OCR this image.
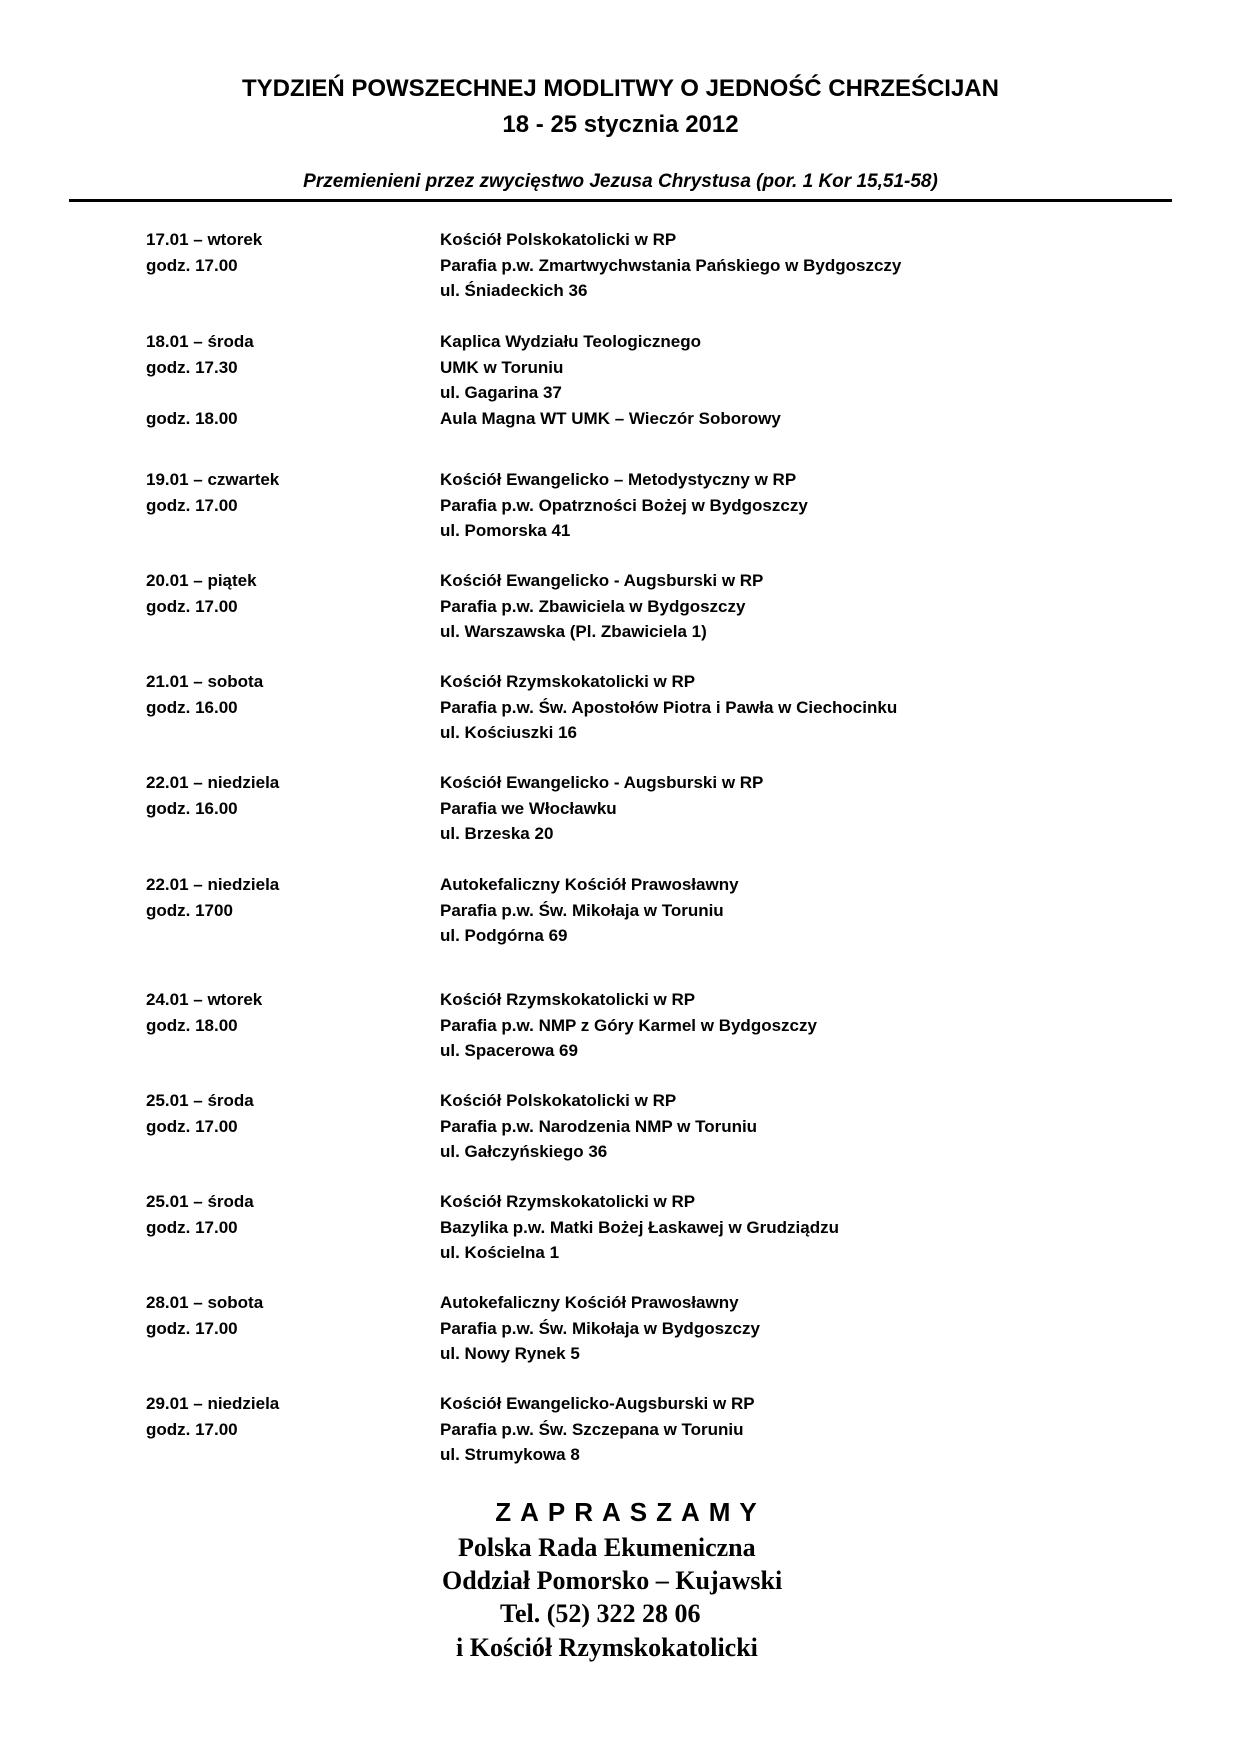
TYDZIEŃ POWSZECHNEJ MODLITWY O JEDNOŚĆ CHRZEŚCIJAN
18 - 25 stycznia 2012
Przemienieni przez zwycięstwo Jezusa Chrystusa (por. 1 Kor 15,51-58)
17.01 – wtorek
godz. 17.00
Kościół Polskokatolicki w RP
Parafia p.w. Zmartwychwstania Pańskiego w Bydgoszczy
ul. Śniadeckich 36
18.01 – środa
godz. 17.30
godz. 18.00
Kaplica Wydziału Teologicznego
UMK w Toruniu
ul. Gagarina 37
Aula Magna WT UMK – Wieczór Soborowy
19.01 – czwartek
godz. 17.00
Kościół Ewangelicko – Metodystyczny w RP
Parafia p.w. Opatrzności Bożej w Bydgoszczy
ul. Pomorska 41
20.01 – piątek
godz. 17.00
Kościół Ewangelicko - Augsburski w RP
Parafia p.w. Zbawiciela w Bydgoszczy
ul. Warszawska (Pl. Zbawiciela 1)
21.01 – sobota
godz. 16.00
Kościół Rzymskokatolicki w RP
Parafia p.w. Św. Apostołów Piotra i Pawła w Ciechocinku
ul. Kościuszki 16
22.01 – niedziela
godz. 16.00
Kościół Ewangelicko - Augsburski w RP
Parafia we Włocławku
ul. Brzeska 20
22.01 – niedziela
godz. 1700
Autokefaliczny Kościół Prawosławny
Parafia p.w. Św. Mikołaja w Toruniu
ul. Podgórna 69
24.01 – wtorek
godz. 18.00
Kościół Rzymskokatolicki w RP
Parafia p.w. NMP z Góry Karmel w Bydgoszczy
ul. Spacerowa 69
25.01 – środa
godz. 17.00
Kościół Polskokatolicki w RP
Parafia p.w. Narodzenia NMP w Toruniu
ul. Gałczyńskiego 36
25.01 – środa
godz. 17.00
Kościół Rzymskokatolicki w RP
Bazylika p.w. Matki Bożej Łaskawej w Grudziądzu
ul. Kościelna 1
28.01 – sobota
godz. 17.00
Autokefaliczny Kościół Prawosławny
Parafia p.w. Św. Mikołaja w Bydgoszczy
ul. Nowy Rynek 5
29.01 – niedziela
godz. 17.00
Kościół Ewangelicko-Augsburski w RP
Parafia p.w. Św. Szczepana w Toruniu
ul. Strumykowa 8
ZAPRASZAMY
Polska Rada Ekumeniczna
Oddział Pomorsko – Kujawski
Tel. (52) 322 28 06
i Kościół Rzymskokatolicki
